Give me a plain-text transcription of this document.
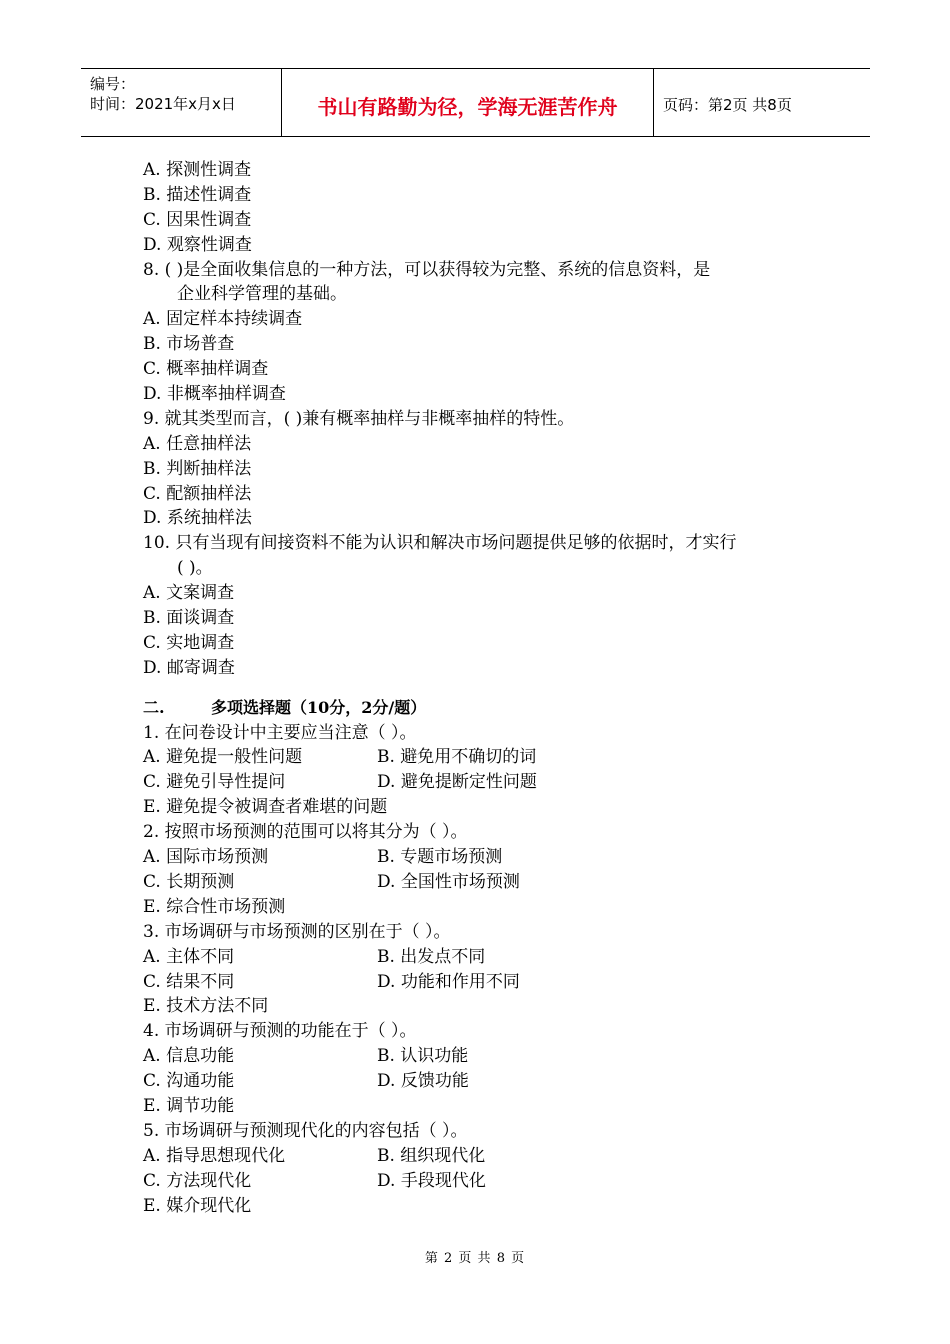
编号：
时间：2021年x月x日	书山有路勤为径，学海无涯苦作舟	页码：第2页 共8页
A. 探测性调查
B. 描述性调查
C. 因果性调查
D. 观察性调查
8. ( )是全面收集信息的一种方法，可以获得较为完整、系统的信息资料，是
企业科学管理的基础。
A. 固定样本持续调查
B. 市场普查
C. 概率抽样调查
D. 非概率抽样调查
9. 就其类型而言，( )兼有概率抽样与非概率抽样的特性。
A. 任意抽样法
B. 判断抽样法
C. 配额抽样法
D. 系统抽样法
10. 只有当现有间接资料不能为认识和解决市场问题提供足够的依据时，才实行
( )。
A. 文案调查
B. 面谈调查
C. 实地调查
D. 邮寄调查
二.	多项选择题（10分，2分/题）
1. 在问卷设计中主要应当注意（ ）。
A. 避免提一般性问题	B. 避免用不确切的词
C. 避免引导性提问	D. 避免提断定性问题
E. 避免提令被调查者难堪的问题
2. 按照市场预测的范围可以将其分为（ ）。
A. 国际市场预测	B. 专题市场预测
C. 长期预测	D. 全国性市场预测
E. 综合性市场预测
3. 市场调研与市场预测的区别在于（ ）。
A. 主体不同	B. 出发点不同
C. 结果不同	D. 功能和作用不同
E. 技术方法不同
4. 市场调研与预测的功能在于（ ）。
A. 信息功能	B. 认识功能
C. 沟通功能	D. 反馈功能
E. 调节功能
5. 市场调研与预测现代化的内容包括（ ）。
A. 指导思想现代化	B. 组织现代化
C. 方法现代化	D. 手段现代化
E. 媒介现代化
第 2 页 共 8 页
